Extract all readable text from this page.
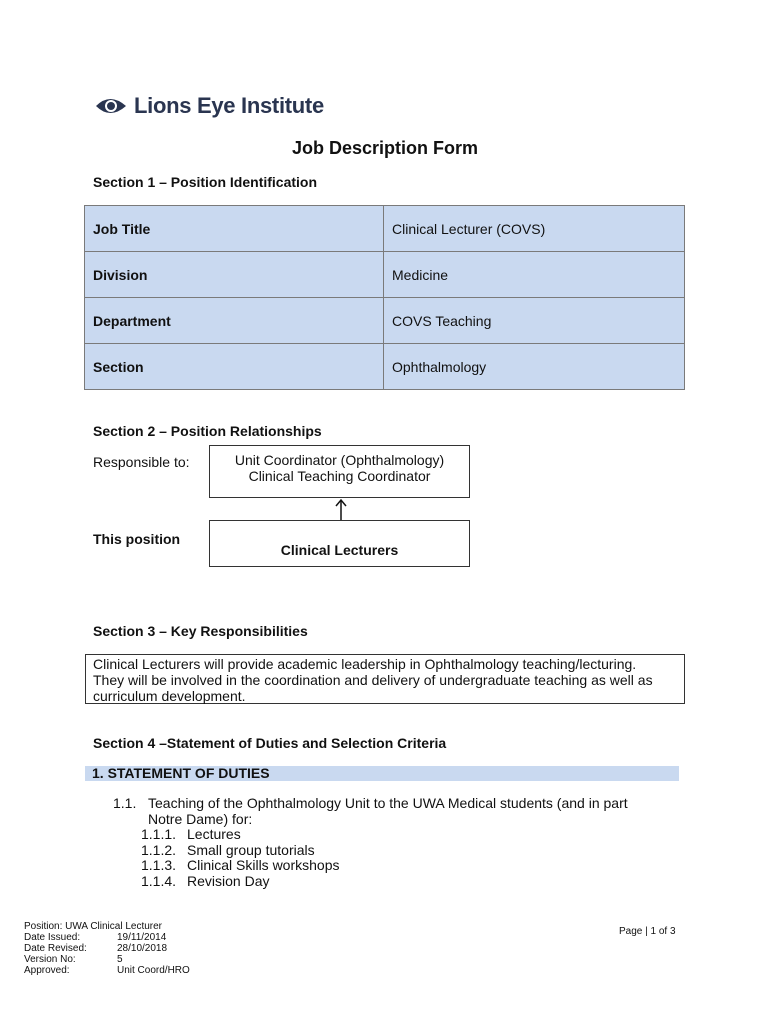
Lions Eye Institute
Job Description Form
Section 1 – Position Identification
Job Title	Clinical Lecturer (COVS)
Division	Medicine
Department	COVS Teaching
Section	Ophthalmology
Section 2 – Position Relationships
Responsible to:	Unit Coordinator (Ophthalmology)
Clinical Teaching Coordinator
This position
Clinical Lecturers
Section 3 – Key Responsibilities
Clinical Lecturers will provide academic leadership in Ophthalmology teaching/lecturing.
They will be involved in the coordination and delivery of undergraduate teaching as well as
curriculum development.
Section 4 –Statement of Duties and Selection Criteria
1. STATEMENT OF DUTIES
1.1. Teaching of the Ophthalmology Unit to the UWA Medical students (and in part
Notre Dame) for:
1.1.1. Lectures
1.1.2. Small group tutorials
1.1.3. Clinical Skills workshops
1.1.4. Revision Day
Position: UWA Clinical Lecturer
Date Issued:	19/11/2014
Date Revised:	28/10/2018
Version No:	5
Approved:	Unit Coord/HRO
Page | 1 of 3
